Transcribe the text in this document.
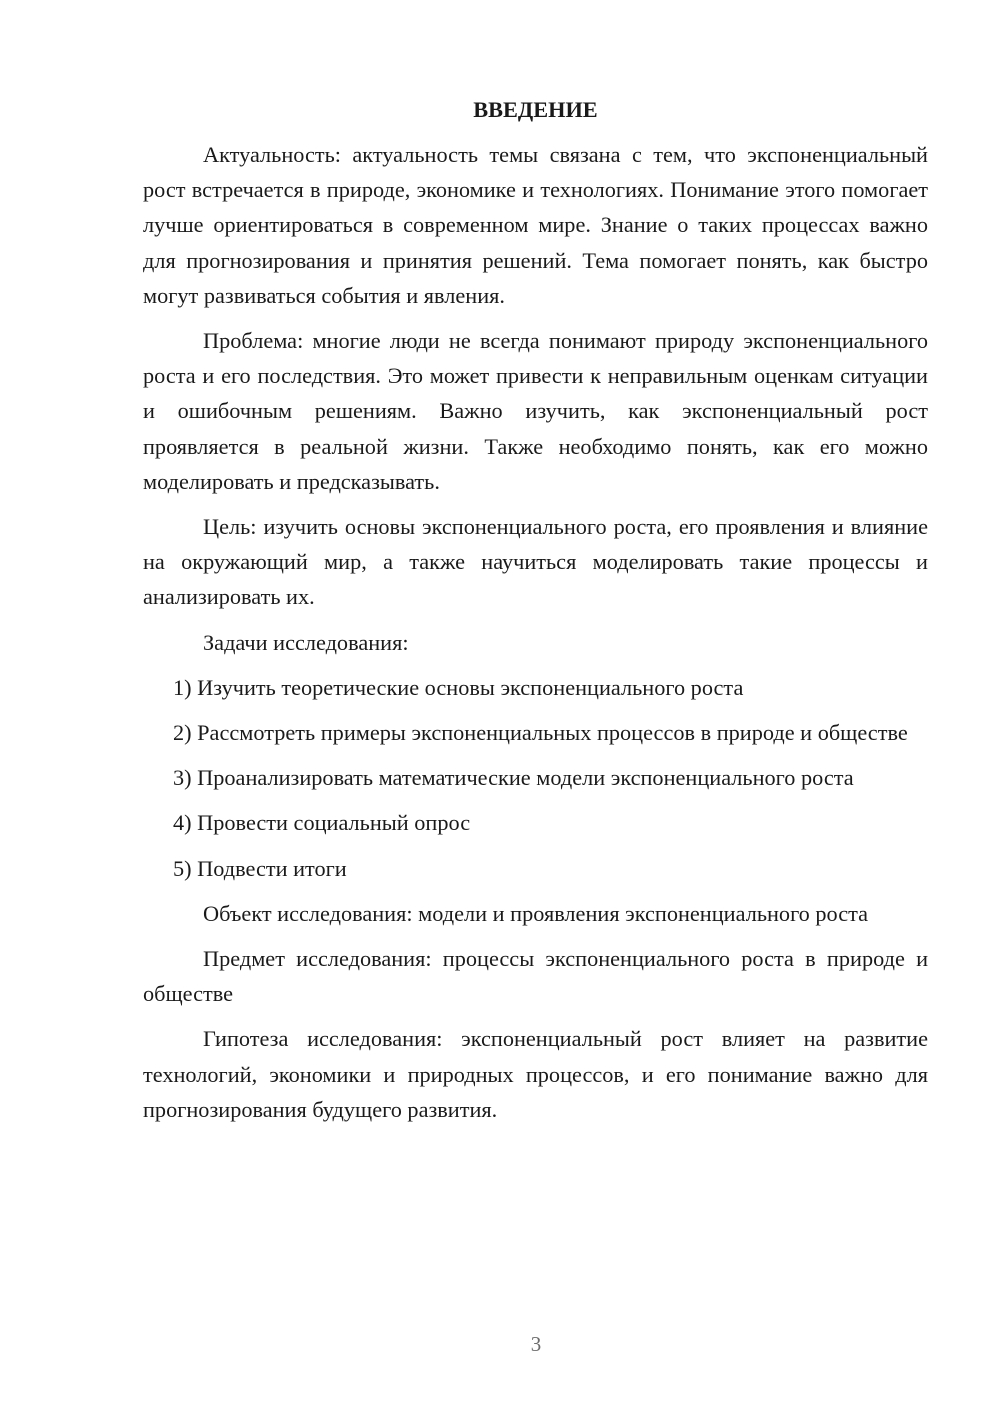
ВВЕДЕНИЕ
Актуальность: актуальность темы связана с тем, что экспоненциальный рост встречается в природе, экономике и технологиях. Понимание этого помогает лучше ориентироваться в современном мире. Знание о таких процессах важно для прогнозирования и принятия решений. Тема помогает понять, как быстро могут развиваться события и явления.
Проблема: многие люди не всегда понимают природу экспоненциального роста и его последствия. Это может привести к неправильным оценкам ситуации и ошибочным решениям. Важно изучить, как экспоненциальный рост проявляется в реальной жизни. Также необходимо понять, как его можно моделировать и предсказывать.
Цель: изучить основы экспоненциального роста, его проявления и влияние на окружающий мир, а также научиться моделировать такие процессы и анализировать их.
Задачи исследования:
1) Изучить теоретические основы экспоненциального роста
2) Рассмотреть примеры экспоненциальных процессов в природе и обществе
3) Проанализировать математические модели экспоненциального роста
4) Провести социальный опрос
5) Подвести итоги
Объект исследования: модели и проявления экспоненциального роста
Предмет исследования: процессы экспоненциального роста в природе и обществе
Гипотеза исследования: экспоненциальный рост влияет на развитие технологий, экономики и природных процессов, и его понимание важно для прогнозирования будущего развития.
3
